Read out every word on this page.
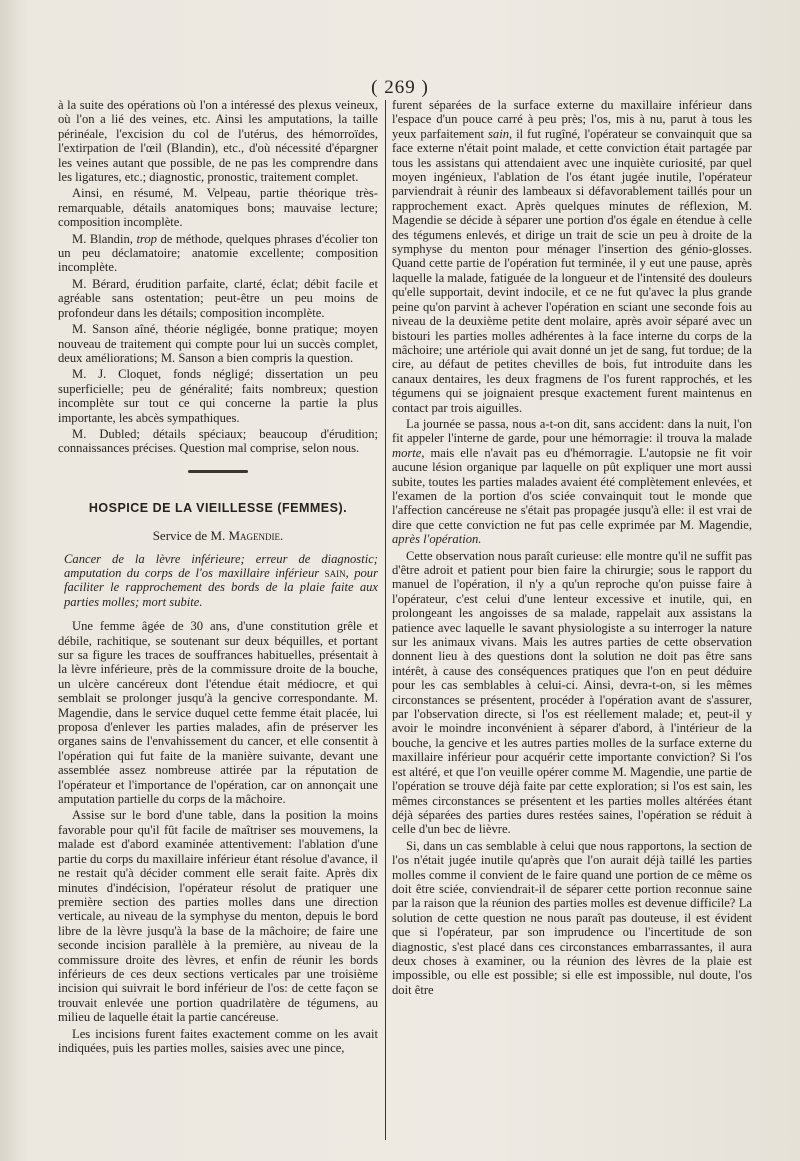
( 269 )

à la suite des opérations où l'on a intéressé des plexus veineux, où l'on a lié des veines, etc. Ainsi les amputations, la taille périnéale, l'excision du col de l'utérus, des hémorroïdes, l'extirpation de l'œil (Blandin), etc., d'où nécessité d'épargner les veines autant que possible, de ne pas les comprendre dans les ligatures, etc.; diagnostic, pronostic, traitement complet.

Ainsi, en résumé, M. Velpeau, partie théorique très-remarquable, détails anatomiques bons; mauvaise lecture; composition incomplète.

M. Blandin, trop de méthode, quelques phrases d'écolier ton un peu déclamatoire; anatomie excellente; composition incomplète.

M. Bérard, érudition parfaite, clarté, éclat; débit facile et agréable sans ostentation; peut-être un peu moins de profondeur dans les détails; composition incomplète.

M. Sanson aîné, théorie négligée, bonne pratique; moyen nouveau de traitement qui compte pour lui un succès complet, deux améliorations; M. Sanson a bien compris la question.

M. J. Cloquet, fonds négligé; dissertation un peu superficielle; peu de généralité; faits nombreux; question incomplète sur tout ce qui concerne la partie la plus importante, les abcès sympathiques.

M. Dubled; détails spéciaux; beaucoup d'érudition; connaissances précises. Question mal comprise, selon nous.

HOSPICE DE LA VIEILLESSE (FEMMES).
Service de M. Magendie.
Cancer de la lèvre inférieure; erreur de diagnostic; amputation du corps de l'os maxillaire inférieur sain, pour faciliter le rapprochement des bords de la plaie faite aux parties molles; mort subite.

Une femme âgée de 30 ans, d'une constitution grêle et débile, rachitique, se soutenant sur deux béquilles, et portant sur sa figure les traces de souffrances habituelles, présentait à la lèvre inférieure, près de la commissure droite de la bouche, un ulcère cancéreux dont l'étendue était médiocre, et qui semblait se prolonger jusqu'à la gencive correspondante. M. Magendie, dans le service duquel cette femme était placée, lui proposa d'enlever les parties malades, afin de préserver les organes sains de l'envahissement du cancer, et elle consentit à l'opération qui fut faite de la manière suivante, devant une assemblée assez nombreuse attirée par la réputation de l'opérateur et l'importance de l'opération, car on annonçait une amputation partielle du corps de la mâchoire.

Assise sur le bord d'une table, dans la position la moins favorable pour qu'il fût facile de maîtriser ses mouvemens, la malade est d'abord examinée attentivement: l'ablation d'une partie du corps du maxillaire inférieur étant résolue d'avance, il ne restait qu'à décider comment elle serait faite. Après dix minutes d'indécision, l'opérateur résolut de pratiquer une première section des parties molles dans une direction verticale, au niveau de la symphyse du menton, depuis le bord libre de la lèvre jusqu'à la base de la mâchoire; de faire une seconde incision parallèle à la première, au niveau de la commissure droite des lèvres, et enfin de réunir les bords inférieurs de ces deux sections verticales par une troisième incision qui suivrait le bord inférieur de l'os: de cette façon se trouvait enlevée une portion quadrilatère de tégumens, au milieu de laquelle était la partie cancéreuse.

Les incisions furent faites exactement comme on les avait indiquées, puis les parties molles, saisies avec une pince,

furent séparées de la surface externe du maxillaire inférieur dans l'espace d'un pouce carré à peu près; l'os, mis à nu, parut à tous les yeux parfaitement sain, il fut rugîné, l'opérateur se convainquit que sa face externe n'était point malade, et cette conviction était partagée par tous les assistans qui attendaient avec une inquiète curiosité, par quel moyen ingénieux, l'ablation de l'os étant jugée inutile, l'opérateur parviendrait à réunir des lambeaux si défavorablement taillés pour un rapprochement exact. Après quelques minutes de réflexion, M. Magendie se décide à séparer une portion d'os égale en étendue à celle des tégumens enlevés, et dirige un trait de scie un peu à droite de la symphyse du menton pour ménager l'insertion des génio-glosses. Quand cette partie de l'opération fut terminée, il y eut une pause, après laquelle la malade, fatiguée de la longueur et de l'intensité des douleurs qu'elle supportait, devint indocile, et ce ne fut qu'avec la plus grande peine qu'on parvint à achever l'opération en sciant une seconde fois au niveau de la deuxième petite dent molaire, après avoir séparé avec un bistouri les parties molles adhérentes à la face interne du corps de la mâchoire; une artériole qui avait donné un jet de sang, fut tordue; de la cire, au défaut de petites chevilles de bois, fut introduite dans les canaux dentaires, les deux fragmens de l'os furent rapprochés, et les tégumens qui se joignaient presque exactement furent maintenus en contact par trois aiguilles.

La journée se passa, nous a-t-on dit, sans accident: dans la nuit, l'on fit appeler l'interne de garde, pour une hémorragie: il trouva la malade morte, mais elle n'avait pas eu d'hémorragie. L'autopsie ne fit voir aucune lésion organique par laquelle on pût expliquer une mort aussi subite, toutes les parties malades avaient été complètement enlevées, et l'examen de la portion d'os sciée convainquit tout le monde que l'affection cancéreuse ne s'était pas propagée jusqu'à elle: il est vrai de dire que cette conviction ne fut pas celle exprimée par M. Magendie, après l'opération.

Cette observation nous paraît curieuse: elle montre qu'il ne suffit pas d'être adroit et patient pour bien faire la chirurgie; sous le rapport du manuel de l'opération, il n'y a qu'un reproche qu'on puisse faire à l'opérateur, c'est celui d'une lenteur excessive et inutile, qui, en prolongeant les angoisses de sa malade, rappelait aux assistans la patience avec laquelle le savant physiologiste a su interroger la nature sur les animaux vivans. Mais les autres parties de cette observation donnent lieu à des questions dont la solution ne doit pas être sans intérêt, à cause des conséquences pratiques que l'on en peut déduire pour les cas semblables à celui-ci. Ainsi, devra-t-on, si les mêmes circonstances se présentent, procéder à l'opération avant de s'assurer, par l'observation directe, si l'os est réellement malade; et, peut-il y avoir le moindre inconvénient à séparer d'abord, à l'intérieur de la bouche, la gencive et les autres parties molles de la surface externe du maxillaire inférieur pour acquérir cette importante conviction? Si l'os est altéré, et que l'on veuille opérer comme M. Magendie, une partie de l'opération se trouve déjà faite par cette exploration; si l'os est sain, les mêmes circonstances se présentent et les parties molles altérées étant déjà séparées des parties dures restées saines, l'opération se réduit à celle d'un bec de lièvre.

Si, dans un cas semblable à celui que nous rapportons, la section de l'os n'était jugée inutile qu'après que l'on aurait déjà taillé les parties molles comme il convient de le faire quand une portion de ce même os doit être sciée, conviendrait-il de séparer cette portion reconnue saine par la raison que la réunion des parties molles est devenue difficile? La solution de cette question ne nous paraît pas douteuse, il est évident que si l'opérateur, par son imprudence ou l'incertitude de son diagnostic, s'est placé dans ces circonstances embarrassantes, il aura deux choses à examiner, ou la réunion des lèvres de la plaie est impossible, ou elle est possible; si elle est impossible, nul doute, l'os doit être
